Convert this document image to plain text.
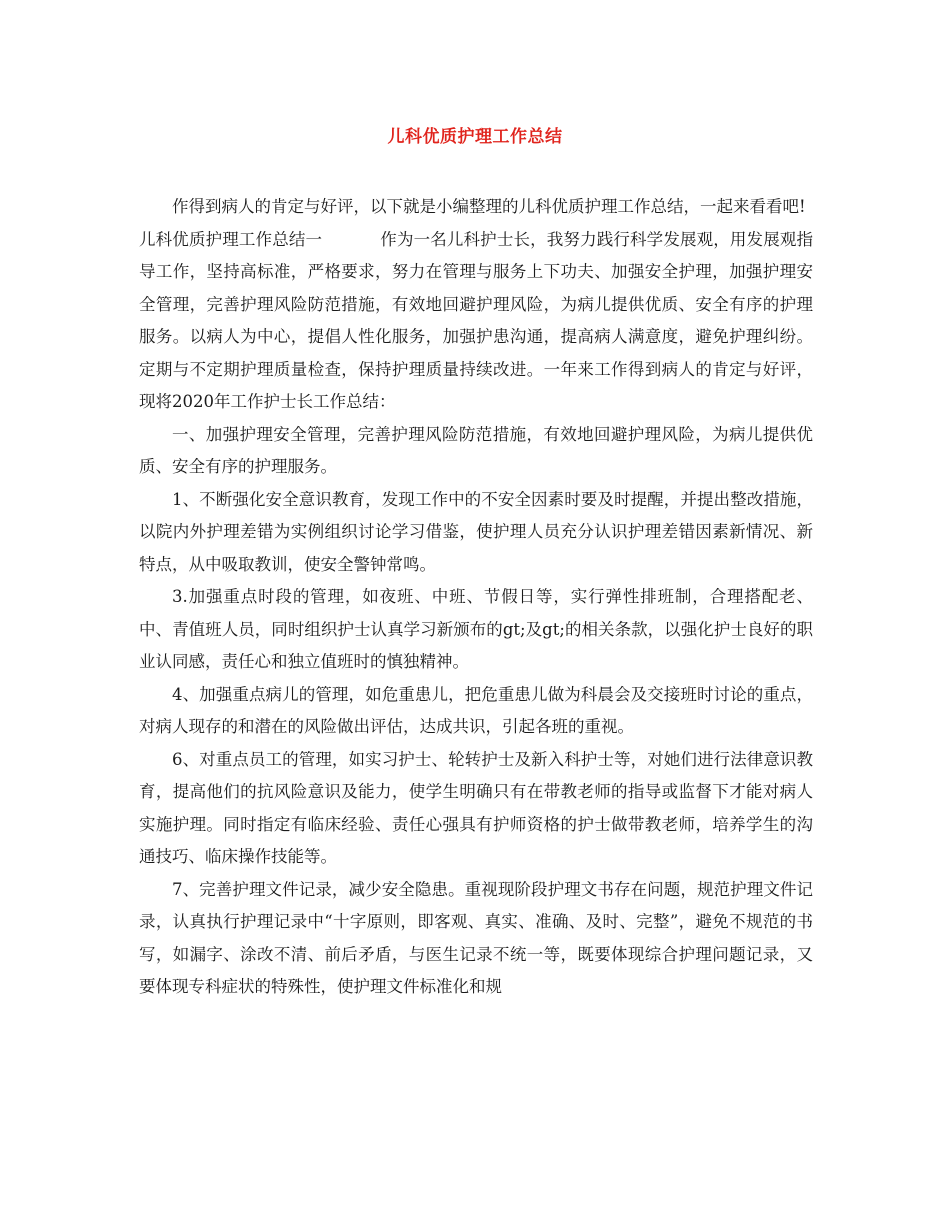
儿科优质护理工作总结

作得到病人的肯定与好评，以下就是小编整理的儿科优质护理工作总结，一起来看看吧!

儿科优质护理工作总结一	作为一名儿科护士长，我努力践行科学发展观，用发展观指导工作，坚持高标准，严格要求，努力在管理与服务上下功夫、加强安全护理，加强护理安全管理，完善护理风险防范措施，有效地回避护理风险，为病儿提供优质、安全有序的护理服务。以病人为中心，提倡人性化服务，加强护患沟通，提高病人满意度，避免护理纠纷。定期与不定期护理质量检查，保持护理质量持续改进。一年来工作得到病人的肯定与好评，现将2020年工作护士长工作总结：

一、加强护理安全管理，完善护理风险防范措施，有效地回避护理风险，为病儿提供优质、安全有序的护理服务。

1、不断强化安全意识教育，发现工作中的不安全因素时要及时提醒，并提出整改措施，以院内外护理差错为实例组织讨论学习借鉴，使护理人员充分认识护理差错因素新情况、新特点，从中吸取教训，使安全警钟常鸣。

3.加强重点时段的管理，如夜班、中班、节假日等，实行弹性排班制，合理搭配老、中、青值班人员，同时组织护士认真学习新颁布的gt;及gt;的相关条款，以强化护士良好的职业认同感，责任心和独立值班时的慎独精神。

4、加强重点病儿的管理，如危重患儿，把危重患儿做为科晨会及交接班时讨论的重点，对病人现存的和潜在的风险做出评估，达成共识，引起各班的重视。

6、对重点员工的管理，如实习护士、轮转护士及新入科护士等，对她们进行法律意识教育，提高他们的抗风险意识及能力，使学生明确只有在带教老师的指导或监督下才能对病人实施护理。同时指定有临床经验、责任心强具有护师资格的护士做带教老师，培养学生的沟通技巧、临床操作技能等。

7、完善护理文件记录，减少安全隐患。重视现阶段护理文书存在问题，规范护理文件记录，认真执行护理记录中“十字原则，即客观、真实、准确、及时、完整”，避免不规范的书写，如漏字、涂改不清、前后矛盾，与医生记录不统一等，既要体现综合护理问题记录，又要体现专科症状的特殊性，使护理文件标准化和规
